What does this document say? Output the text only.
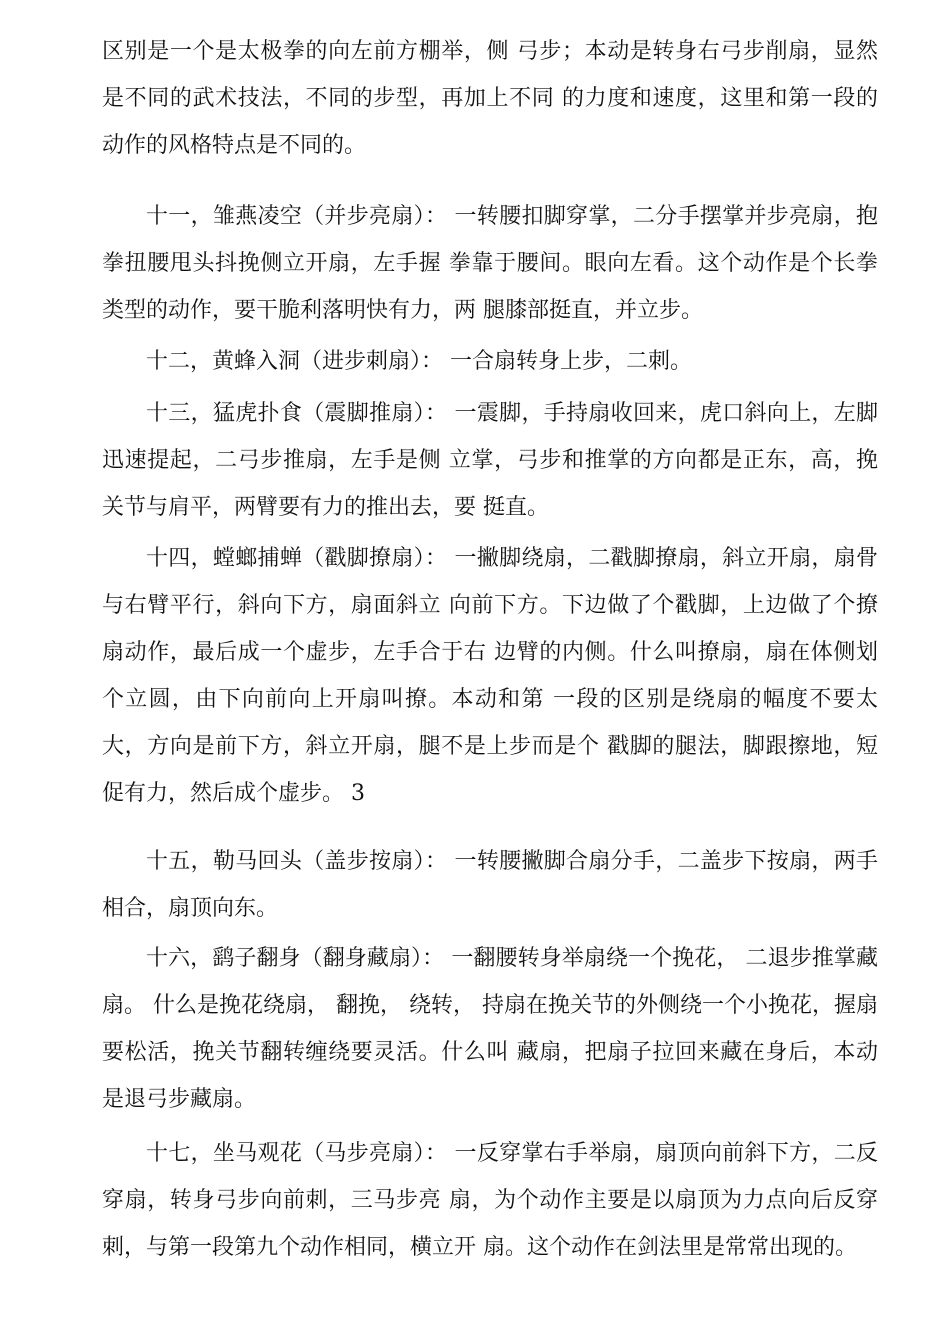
区别是一个是太极拳的向左前方棚举，侧 弓步；本动是转身右弓步削扇，显然是不同的武术技法，不同的步型，再加上不同 的力度和速度，这里和第一段的动作的风格特点是不同的。

十一，雏燕凌空（并步亮扇）： 一转腰扣脚穿掌，二分手摆掌并步亮扇，抱拳扭腰甩头抖挽侧立开扇，左手握 拳靠于腰间。眼向左看。这个动作是个长拳类型的动作，要干脆利落明快有力，两 腿膝部挺直，并立步。

十二，黄蜂入洞（进步刺扇）： 一合扇转身上步，二刺。

十三，猛虎扑食（震脚推扇）： 一震脚，手持扇收回来，虎口斜向上，左脚迅速提起，二弓步推扇，左手是侧 立掌，弓步和推掌的方向都是正东，高，挽关节与肩平，两臂要有力的推出去，要 挺直。

十四，螳螂捕蝉（戳脚撩扇）： 一撇脚绕扇，二戳脚撩扇，斜立开扇，扇骨与右臂平行，斜向下方，扇面斜立 向前下方。下边做了个戳脚，上边做了个撩扇动作，最后成一个虚步，左手合于右 边臂的内侧。什么叫撩扇，扇在体侧划个立圆，由下向前向上开扇叫撩。本动和第 一段的区别是绕扇的幅度不要太大，方向是前下方，斜立开扇，腿不是上步而是个 戳脚的腿法，脚跟擦地，短促有力，然后成个虚步。 3

十五，勒马回头（盖步按扇）： 一转腰撇脚合扇分手，二盖步下按扇，两手相合，扇顶向东。

十六，鹞子翻身（翻身藏扇）： 一翻腰转身举扇绕一个挽花， 二退步推掌藏扇。 什么是挽花绕扇， 翻挽， 绕转， 持扇在挽关节的外侧绕一个小挽花，握扇要松活，挽关节翻转缠绕要灵活。什么叫 藏扇，把扇子拉回来藏在身后，本动是退弓步藏扇。

十七，坐马观花（马步亮扇）： 一反穿掌右手举扇，扇顶向前斜下方，二反穿扇，转身弓步向前刺，三马步亮 扇，为个动作主要是以扇顶为力点向后反穿刺，与第一段第九个动作相同，横立开 扇。这个动作在剑法里是常常出现的。
